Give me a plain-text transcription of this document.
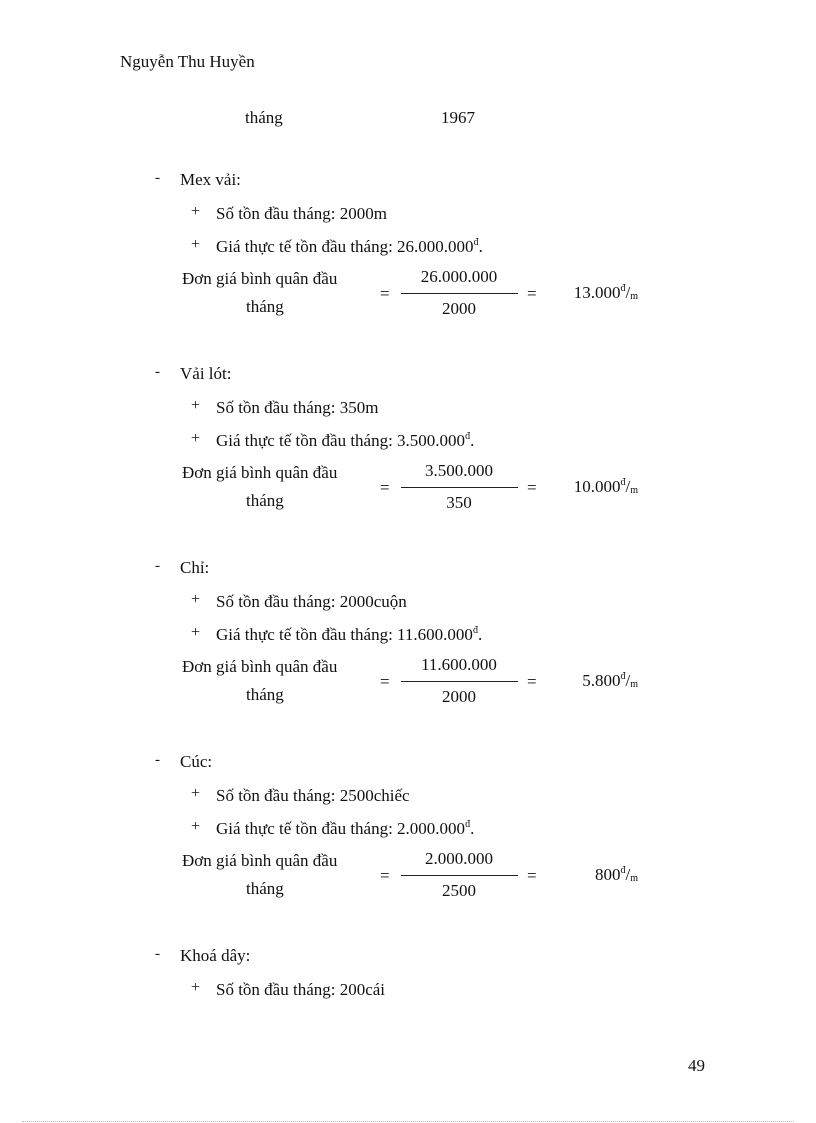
Nguyễn Thu Huyền
tháng	1967
- Mex vải:
+ Số tồn đầu tháng: 2000m
+ Giá thực tế tồn đầu tháng: $26.000.000^đ$.
Đơn giá bình quân đầu
tháng
=
26.000.000
2000
=	$13.000^đ/m$
- Vải lót:
+ Số tồn đầu tháng: 350m
+ Giá thực tế tồn đầu tháng: $3.500.000^đ$.
Đơn giá bình quân đầu
tháng
=
3.500.000
350
=	$10.000^đ/m$
- Chỉ:
+ Số tồn đầu tháng: 2000cuộn
+ Giá thực tế tồn đầu tháng: $11.600.000^đ$.
Đơn giá bình quân đầu
tháng
=
11.600.000
2000
=	$5.800^đ/m$
- Cúc:
+ Số tồn đầu tháng: 2500chiếc
+ Giá thực tế tồn đầu tháng: $2.000.000^đ$.
Đơn giá bình quân đầu
tháng
=
2.000.000
2500
=	$800^đ/m$
- Khoá dây:
+ Số tồn đầu tháng: 200cái
49
